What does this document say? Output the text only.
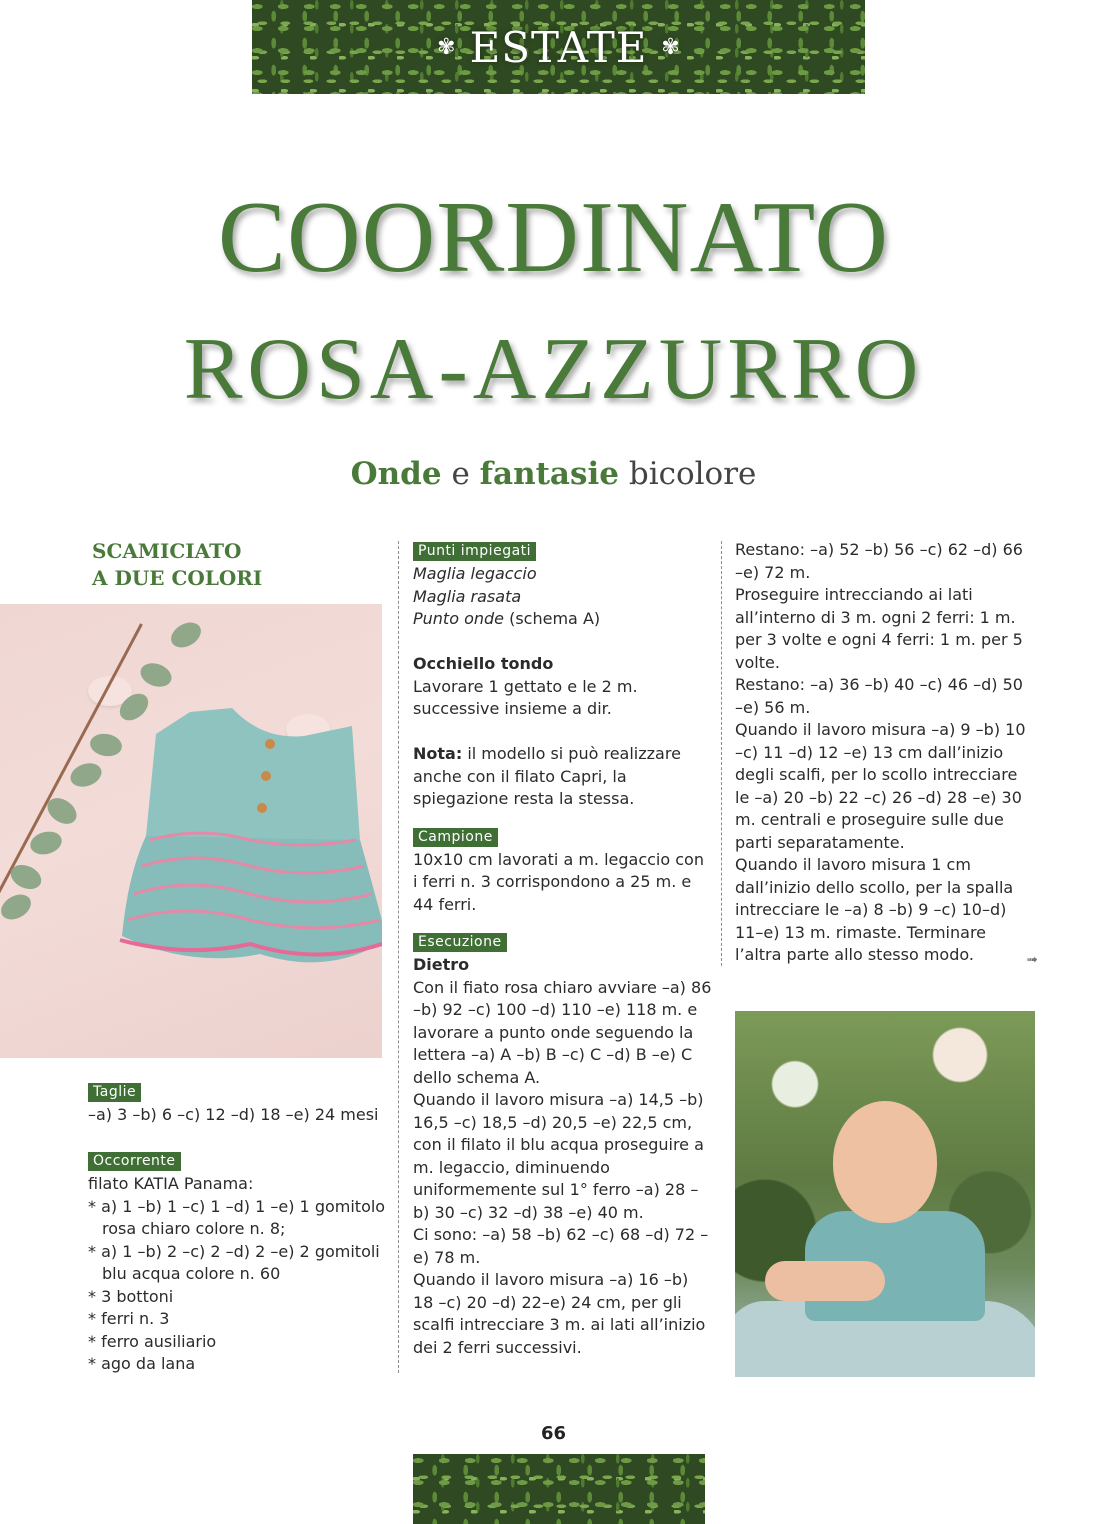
✾ ESTATE ✾
COORDINATO
ROSA-AZZURRO
Onde e fantasie bicolore
SCAMICIATO
A DUE COLORI
Taglie

–a) 3 –b) 6 –c) 12 –d) 18 –e) 24 mesi

Occorrente

filato KATIA Panama:

* a) 1 –b) 1 –c) 1 –d) 1 –e) 1 gomitolo rosa chiaro colore n. 8;

* a) 1 –b) 2 –c) 2 –d) 2 –e) 2 gomitoli blu acqua colore n. 60

* 3 bottoni

* ferri n. 3

* ferro ausiliario

* ago da lana

Punti impiegati

Maglia legaccio

Maglia rasata

Punto onde (schema A)

Occhiello tondo

Lavorare 1 gettato e le 2 m. successive insieme a dir.

Nota: il modello si può realizzare anche con il filato Capri, la spiegazione resta la stessa.

Campione

10x10 cm lavorati a m. legaccio con i ferri n. 3 corrispondono a 25 m. e 44 ferri.

Esecuzione

Dietro

Con il fiato rosa chiaro avviare –a) 86 –b) 92 –c) 100 –d) 110 –e) 118 m. e lavorare a punto onde seguendo la lettera –a) A –b) B –c) C –d) B –e) C dello schema A.

Quando il lavoro misura –a) 14,5 –b) 16,5 –c) 18,5 –d) 20,5 –e) 22,5 cm, con il filato il blu acqua proseguire a m. legaccio, diminuendo uniformemente sul 1° ferro –a) 28 –b) 30 –c) 32 –d) 38 –e) 40 m.

Ci sono: –a) 58 –b) 62 –c) 68 –d) 72 –e) 78 m.

Quando il lavoro misura –a) 16 –b) 18 –c) 20 –d) 22–e) 24 cm, per gli scalfi intrecciare 3 m. ai lati all’inizio dei 2 ferri successivi.

Restano: –a) 52 –b) 56 –c) 62 –d) 66 –e) 72 m.

Proseguire intrecciando ai lati all’interno di 3 m. ogni 2 ferri: 1 m. per 3 volte e ogni 4 ferri: 1 m. per 5 volte.

Restano: –a) 36 –b) 40 –c) 46 –d) 50 –e) 56 m.

Quando il lavoro misura –a) 9 –b) 10 –c) 11 –d) 12 –e) 13 cm dall’inizio degli scalfi, per lo scollo intrecciare le –a) 20 –b) 22 –c) 26 –d) 28 –e) 30 m. centrali e proseguire sulle due parti separatamente.

Quando il lavoro misura 1 cm dall’inizio dello scollo, per la spalla intrecciare le –a) 8 –b) 9 –c) 10–d) 11–e) 13 m. rimaste. Terminare l’altra parte allo stesso modo.	➟
66
